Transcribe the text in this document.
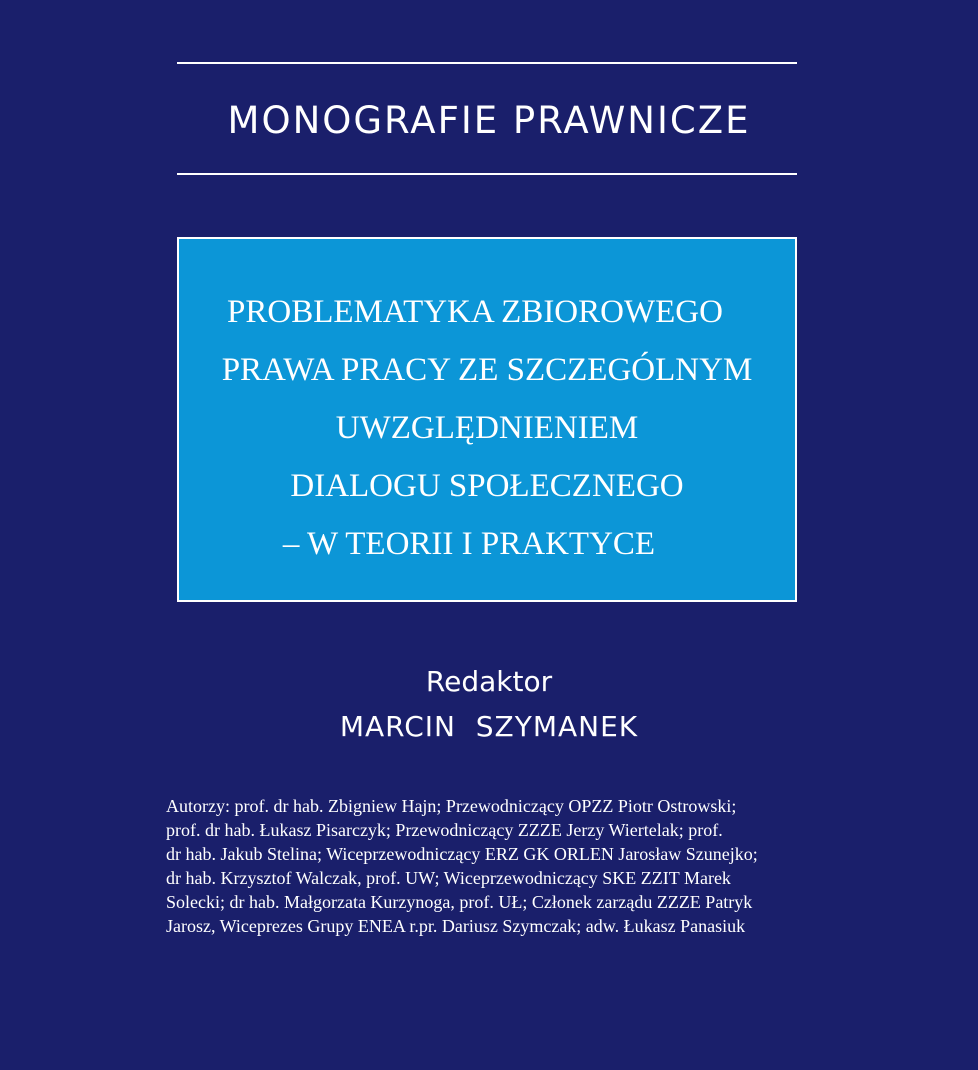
MONOGRAFIE PRAWNICZE
PROBLEMATYKA ZBIOROWEGO
PRAWA PRACY ZE SZCZEGÓLNYM
UWZGLĘDNIENIEM
DIALOGU SPOŁECZNEGO
– W TEORII I PRAKTYCE
Redaktor
MARCIN  SZYMANEK
Autorzy: prof. dr hab. Zbigniew Hajn; Przewodniczący OPZZ Piotr Ostrowski;
prof. dr hab. Łukasz Pisarczyk; Przewodniczący ZZZE Jerzy Wiertelak; prof.
dr hab. Jakub Stelina; Wiceprzewodniczący ERZ GK ORLEN Jarosław Szunejko;
dr hab. Krzysztof Walczak, prof. UW; Wiceprzewodniczący SKE ZZIT Marek
Solecki; dr hab. Małgorzata Kurzynoga, prof. UŁ; Członek zarządu ZZZE Patryk
Jarosz, Wiceprezes Grupy ENEA r.pr. Dariusz Szymczak; adw. Łukasz Panasiuk
